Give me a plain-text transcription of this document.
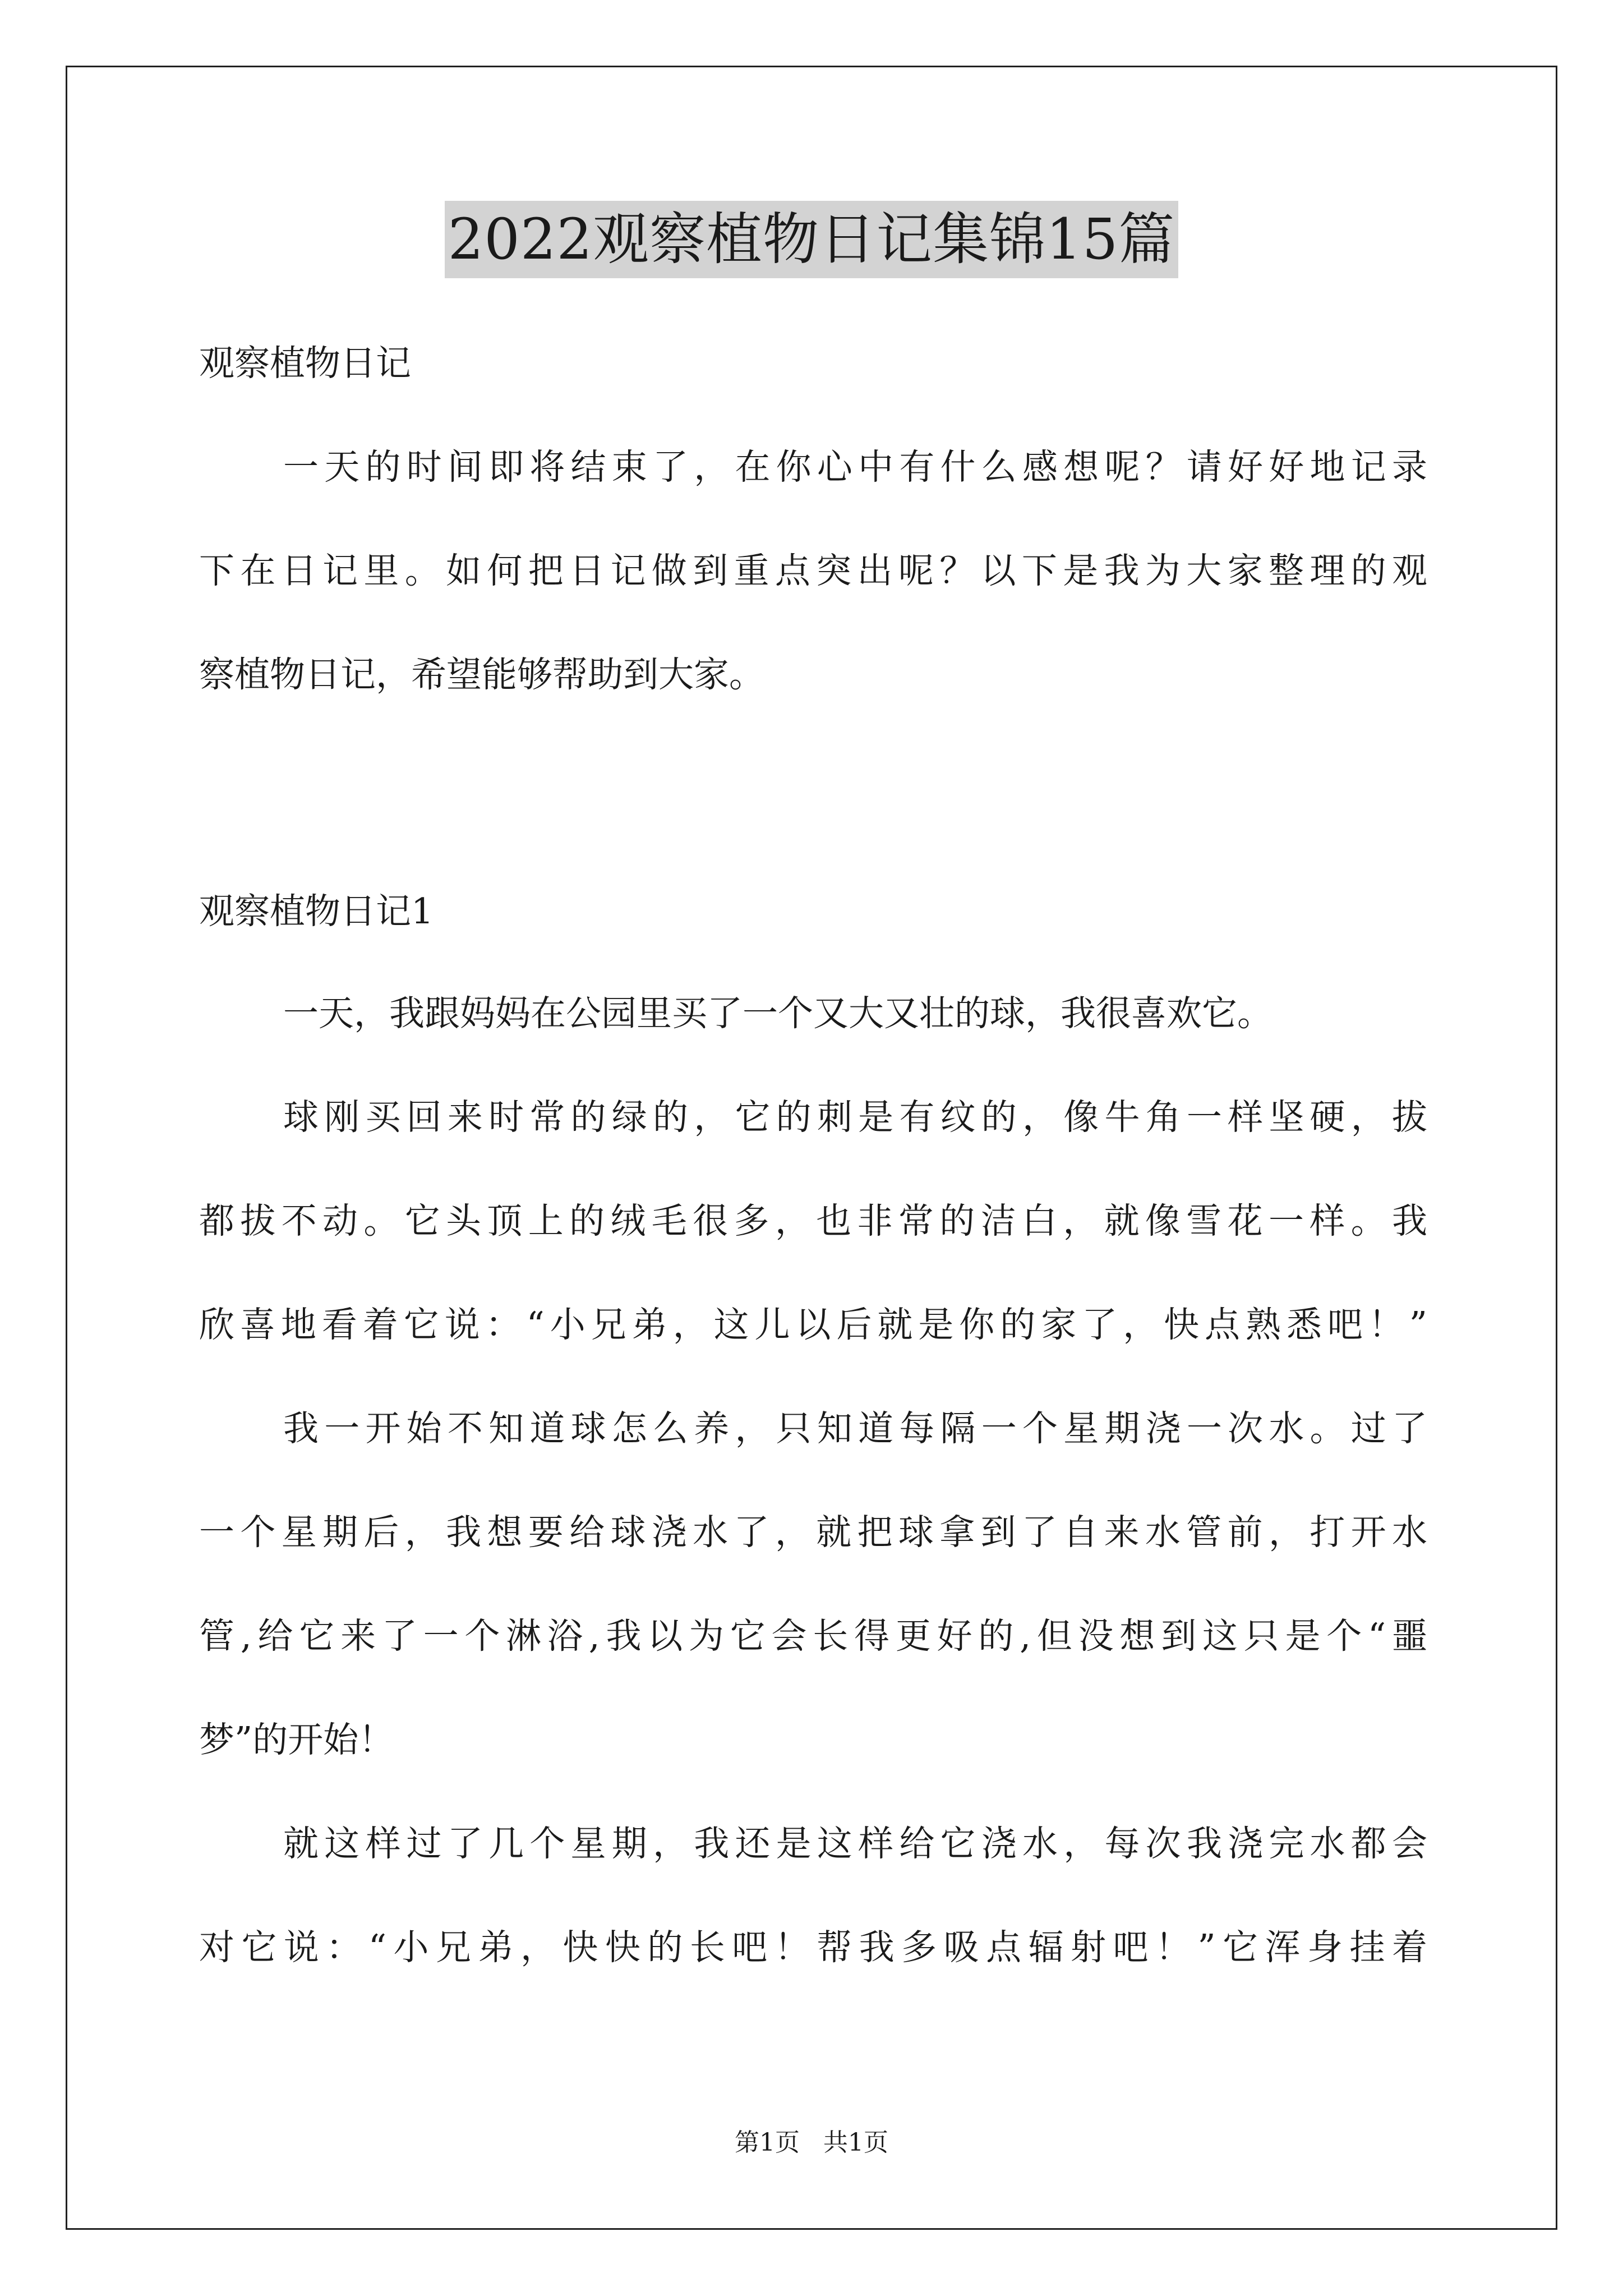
2022观察植物日记集锦15篇
观察植物日记
一天的时间即将结束了，在你心中有什么感想呢？请好好地记录
下在日记里。如何把日记做到重点突出呢？以下是我为大家整理的观
察植物日记，希望能够帮助到大家。
观察植物日记1
一天，我跟妈妈在公园里买了一个又大又壮的球，我很喜欢它。
球刚买回来时常的绿的，它的刺是有纹的，像牛角一样坚硬，拔
都拔不动。它头顶上的绒毛很多，也非常的洁白，就像雪花一样。我
欣喜地看着它说：“小兄弟，这儿以后就是你的家了，快点熟悉吧！”
我一开始不知道球怎么养，只知道每隔一个星期浇一次水。过了
一个星期后，我想要给球浇水了，就把球拿到了自来水管前，打开水
管,给它来了一个淋浴,我以为它会长得更好的,但没想到这只是个“噩
梦”的开始！
就这样过了几个星期，我还是这样给它浇水，每次我浇完水都会
对它说：“小兄弟，快快的长吧！帮我多吸点辐射吧！”它浑身挂着
第1页   共1页
